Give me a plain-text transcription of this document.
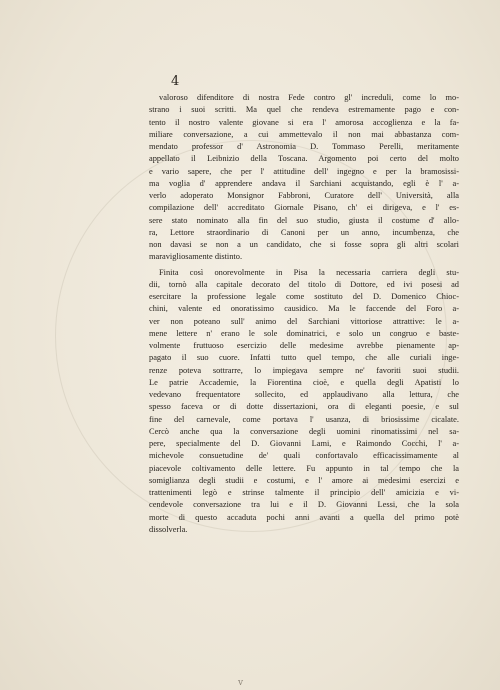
4

valoroso difenditore di nostra Fede contro gl' increduli, come lo mo-
strano i suoi scritti. Ma quel che rendeva estremamente pago e con-
tento il nostro valente giovane si era l' amorosa accoglienza e la fa-
miliare conversazione, a cui ammettevalo il non mai abbastanza com-
mendato professor d' Astronomia D. Tommaso Perelli, meritamente
appellato il Leibnizio della Toscana. Argomento poi certo del molto
e vario sapere, che per l' attitudine dell' ingegno e per la bramosissi-
ma voglia d' apprendere andava il Sarchiani acquistando, egli è l' a-
verlo adoperato Monsignor Fabbroni, Curatore dell' Università, alla
compilazione dell' accreditato Giornale Pisano, ch' ei dirigeva, e l' es-
sere stato nominato alla fin del suo studio, giusta il costume d' allo-
ra, Lettore straordinario di Canoni per un anno, incumbenza, che
non davasi se non a un candidato, che si fosse sopra gli altri scolari
maravigliosamente distinto.
Finita così onorevolmente in Pisa la necessaria carriera degli stu-
dii, tornò alla capitale decorato del titolo di Dottore, ed ivi posesi ad
esercitare la professione legale come sostituto del D. Domenico Chioc-
chini, valente ed onoratissimo causidico. Ma le faccende del Foro a-
ver non poteano sull' animo del Sarchiani vittoriose attrattive: le a-
mene lettere n' erano le sole dominatrici, e solo un congruo e baste-
volmente fruttuoso esercizio delle medesime avrebbe pienamente ap-
pagato il suo cuore. Infatti tutto quel tempo, che alle curiali inge-
renze poteva sottrarre, lo impiegava sempre ne' favoriti suoi studii.
Le patrie Accademie, la Fiorentina cioè, e quella degli Apatisti lo
vedevano frequentatore sollecito, ed applaudivano alla lettura, che
spesso faceva or di dotte dissertazioni, ora di eleganti poesie, e sul
fine del carnevale, come portava l' usanza, di briosissime cicalate.
Cercò anche qua la conversazione degli uomini rinomatissimi nel sa-
pere, specialmente del D. Giovanni Lami, e Raimondo Cocchi, l' a-
michevole consuetudine de' quali confortavalo efficacissimamente al
piacevole coltivamento delle lettere. Fu appunto in tal tempo che la
somiglianza degli studii e costumi, e l' amore ai medesimi esercizi e
trattenimenti legò e strinse talmente il principio dell' amicizia e vi-
cendevole conversazione tra lui e il D. Giovanni Lessi, che la sola
morte di questo accaduta pochi anni avanti a quella del primo potè
dissolverla.
v
